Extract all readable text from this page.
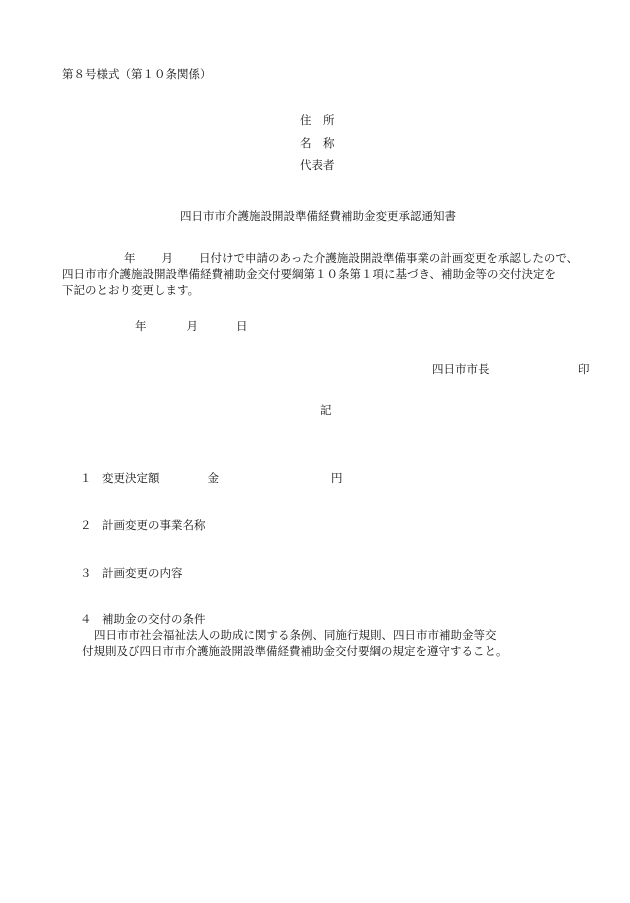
第８号様式（第１０条関係）
住　所
名　称
代表者
四日市市介護施設開設準備経費補助金変更承認通知書
年 月 日付けで申請のあった介護施設開設準備事業の計画変更を承認したので、
四日市市介護施設開設準備経費補助金交付要綱第１０条第１項に基づき、補助金等の交付決定を
下記のとおり変更します。
年	月	日
四日市市長	印
記
１ 変更決定額	金	円
２ 計画変更の事業名称
３ 計画変更の内容
４ 補助金の交付の条件
四日市市社会福祉法人の助成に関する条例、同施行規則、四日市市補助金等交
付規則及び四日市市介護施設開設準備経費補助金交付要綱の規定を遵守すること。
